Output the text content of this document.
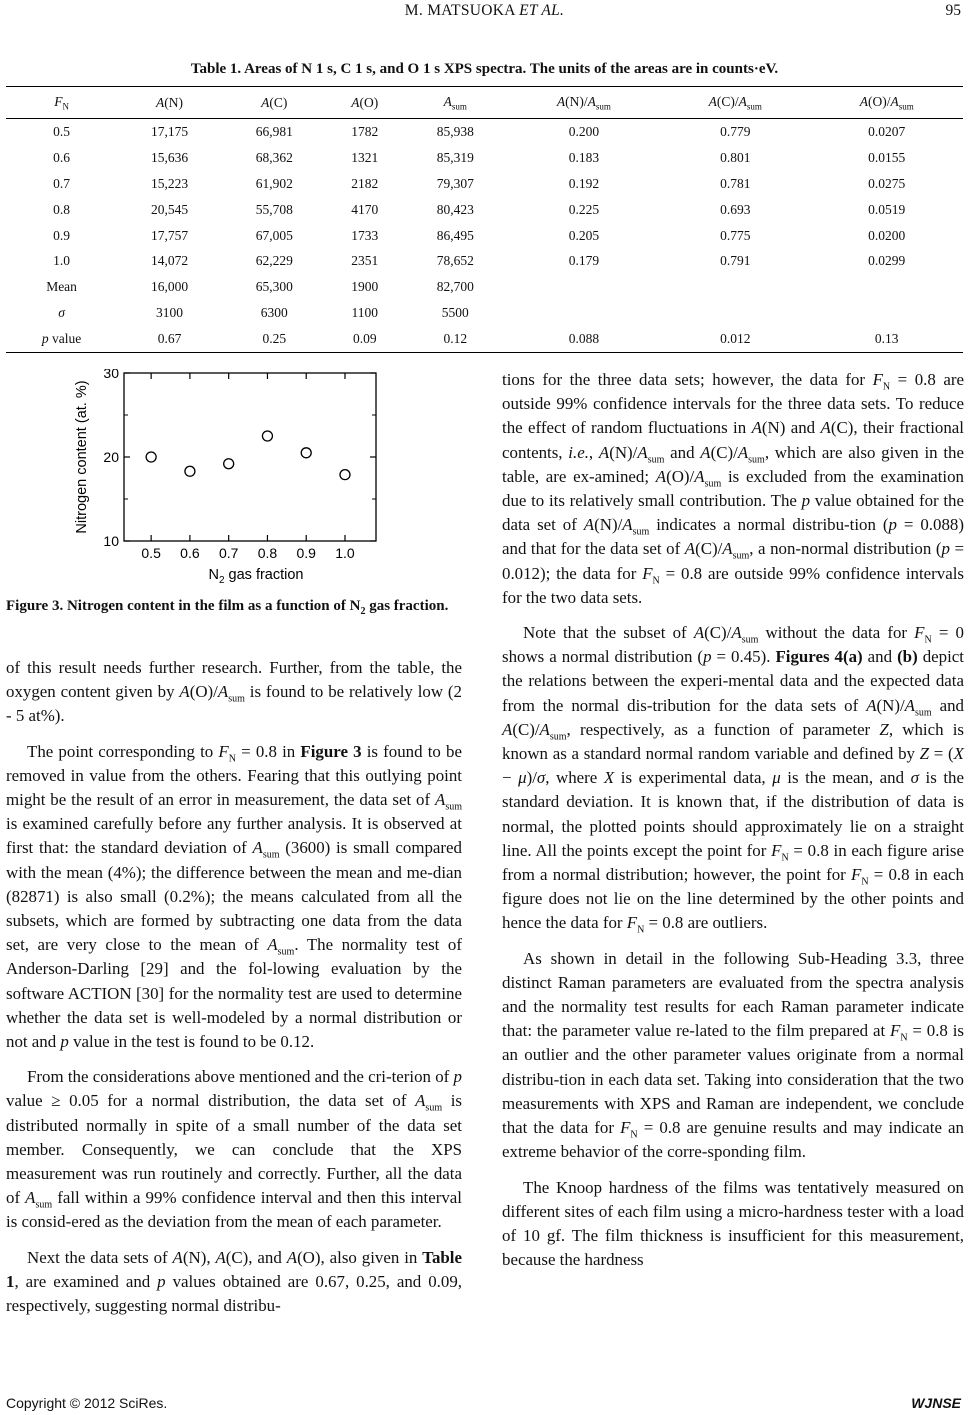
M. MATSUOKA ET AL.	95
Table 1. Areas of N 1 s, C 1 s, and O 1 s XPS spectra. The units of the areas are in counts·eV.
$F_N$	A(N)	A(C)	A(O)	$A_{sum}$	$A(N)/A_{sum}$	$A(C)/A_{sum}$	$A(O)/A_{sum}$
0.5	17,175	66,981	1782	85,938	0.200	0.779	0.0207
0.6	15,636	68,362	1321	85,319	0.183	0.801	0.0155
0.7	15,223	61,902	2182	79,307	0.192	0.781	0.0275
0.8	20,545	55,708	4170	80,423	0.225	0.693	0.0519
0.9	17,757	67,005	1733	86,495	0.205	0.775	0.0200
1.0	14,072	62,229	2351	78,652	0.179	0.791	0.0299
Mean	16,000	65,300	1900	82,700			
σ	3100	6300	1100	5500			
p value	0.67	0.25	0.09	0.12	0.088	0.012	0.13
0.5 0.6 0.7 0.8 0.9 1.0
10
20
30
Nitrogen content (at. %)
$N_2$ gas fraction
Figure 3. Nitrogen content in the film as a function of $N_2$ gas fraction.

of this result needs further research. Further, from the table, the oxygen content given by $A(O)/A_{sum}$ is found to be relatively low (2 - 5 at%).

The point corresponding to $F_N = 0.8$ in Figure 3 is found to be removed in value from the others. Fearing that this outlying point might be the result of an error in measurement, the data set of $A_{sum}$ is examined carefully before any further analysis. It is observed at first that: the standard deviation of $A_{sum}$ (3600) is small compared with the mean (4%); the difference between the mean and me-dian (82871) is also small (0.2%); the means calculated from all the subsets, which are formed by subtracting one data from the data set, are very close to the mean of $A_{sum}$. The normality test of Anderson-Darling [29] and the fol-lowing evaluation by the software ACTION [30] for the normality test are used to determine whether the data set is well-modeled by a normal distribution or not and p value in the test is found to be 0.12.

From the considerations above mentioned and the cri-terion of p value ≥ 0.05 for a normal distribution, the data set of $A_{sum}$ is distributed normally in spite of a small number of the data set member. Consequently, we can conclude that the XPS measurement was run routinely and correctly. Further, all the data of $A_{sum}$ fall within a 99% confidence interval and then this interval is consid-ered as the deviation from the mean of each parameter.

Next the data sets of A(N), A(C), and A(O), also given in Table 1, are examined and p values obtained are 0.67, 0.25, and 0.09, respectively, suggesting normal distribu-

tions for the three data sets; however, the data for $F_N = 0.8$ are outside 99% confidence intervals for the three data sets. To reduce the effect of random fluctuations in A(N) and A(C), their fractional contents, i.e., $A(N)/A_{sum}$ and $A(C)/A_{sum}$, which are also given in the table, are ex-amined; $A(O)/A_{sum}$ is excluded from the examination due to its relatively small contribution. The p value obtained for the data set of $A(N)/A_{sum}$ indicates a normal distribu-tion (p = 0.088) and that for the data set of $A(C)/A_{sum}$, a non-normal distribution (p = 0.012); the data for $F_N = 0.8$ are outside 99% confidence intervals for the two data sets.

Note that the subset of $A(C)/A_{sum}$ without the data for $F_N = 0$ shows a normal distribution (p = 0.45). Figures 4(a) and (b) depict the relations between the experi-mental data and the expected data from the normal dis-tribution for the data sets of $A(N)/A_{sum}$ and $A(C)/A_{sum}$, respectively, as a function of parameter Z, which is known as a standard normal random variable and defined by Z = (X − μ)/σ, where X is experimental data, μ is the mean, and σ is the standard deviation. It is known that, if the distribution of data is normal, the plotted points should approximately lie on a straight line. All the points except the point for $F_N = 0.8$ in each figure arise from a normal distribution; however, the point for $F_N = 0.8$ in each figure does not lie on the line determined by the other points and hence the data for $F_N = 0.8$ are outliers.

As shown in detail in the following Sub-Heading 3.3, three distinct Raman parameters are evaluated from the spectra analysis and the normality test results for each Raman parameter indicate that: the parameter value re-lated to the film prepared at $F_N = 0.8$ is an outlier and the other parameter values originate from a normal distribu-tion in each data set. Taking into consideration that the two measurements with XPS and Raman are independent, we conclude that the data for $F_N = 0.8$ are genuine results and may indicate an extreme behavior of the corre-sponding film.

The Knoop hardness of the films was tentatively measured on different sites of each film using a micro-hardness tester with a load of 10 gf. The film thickness is insufficient for this measurement, because the hardness

Copyright © 2012 SciRes.	WJNSE
